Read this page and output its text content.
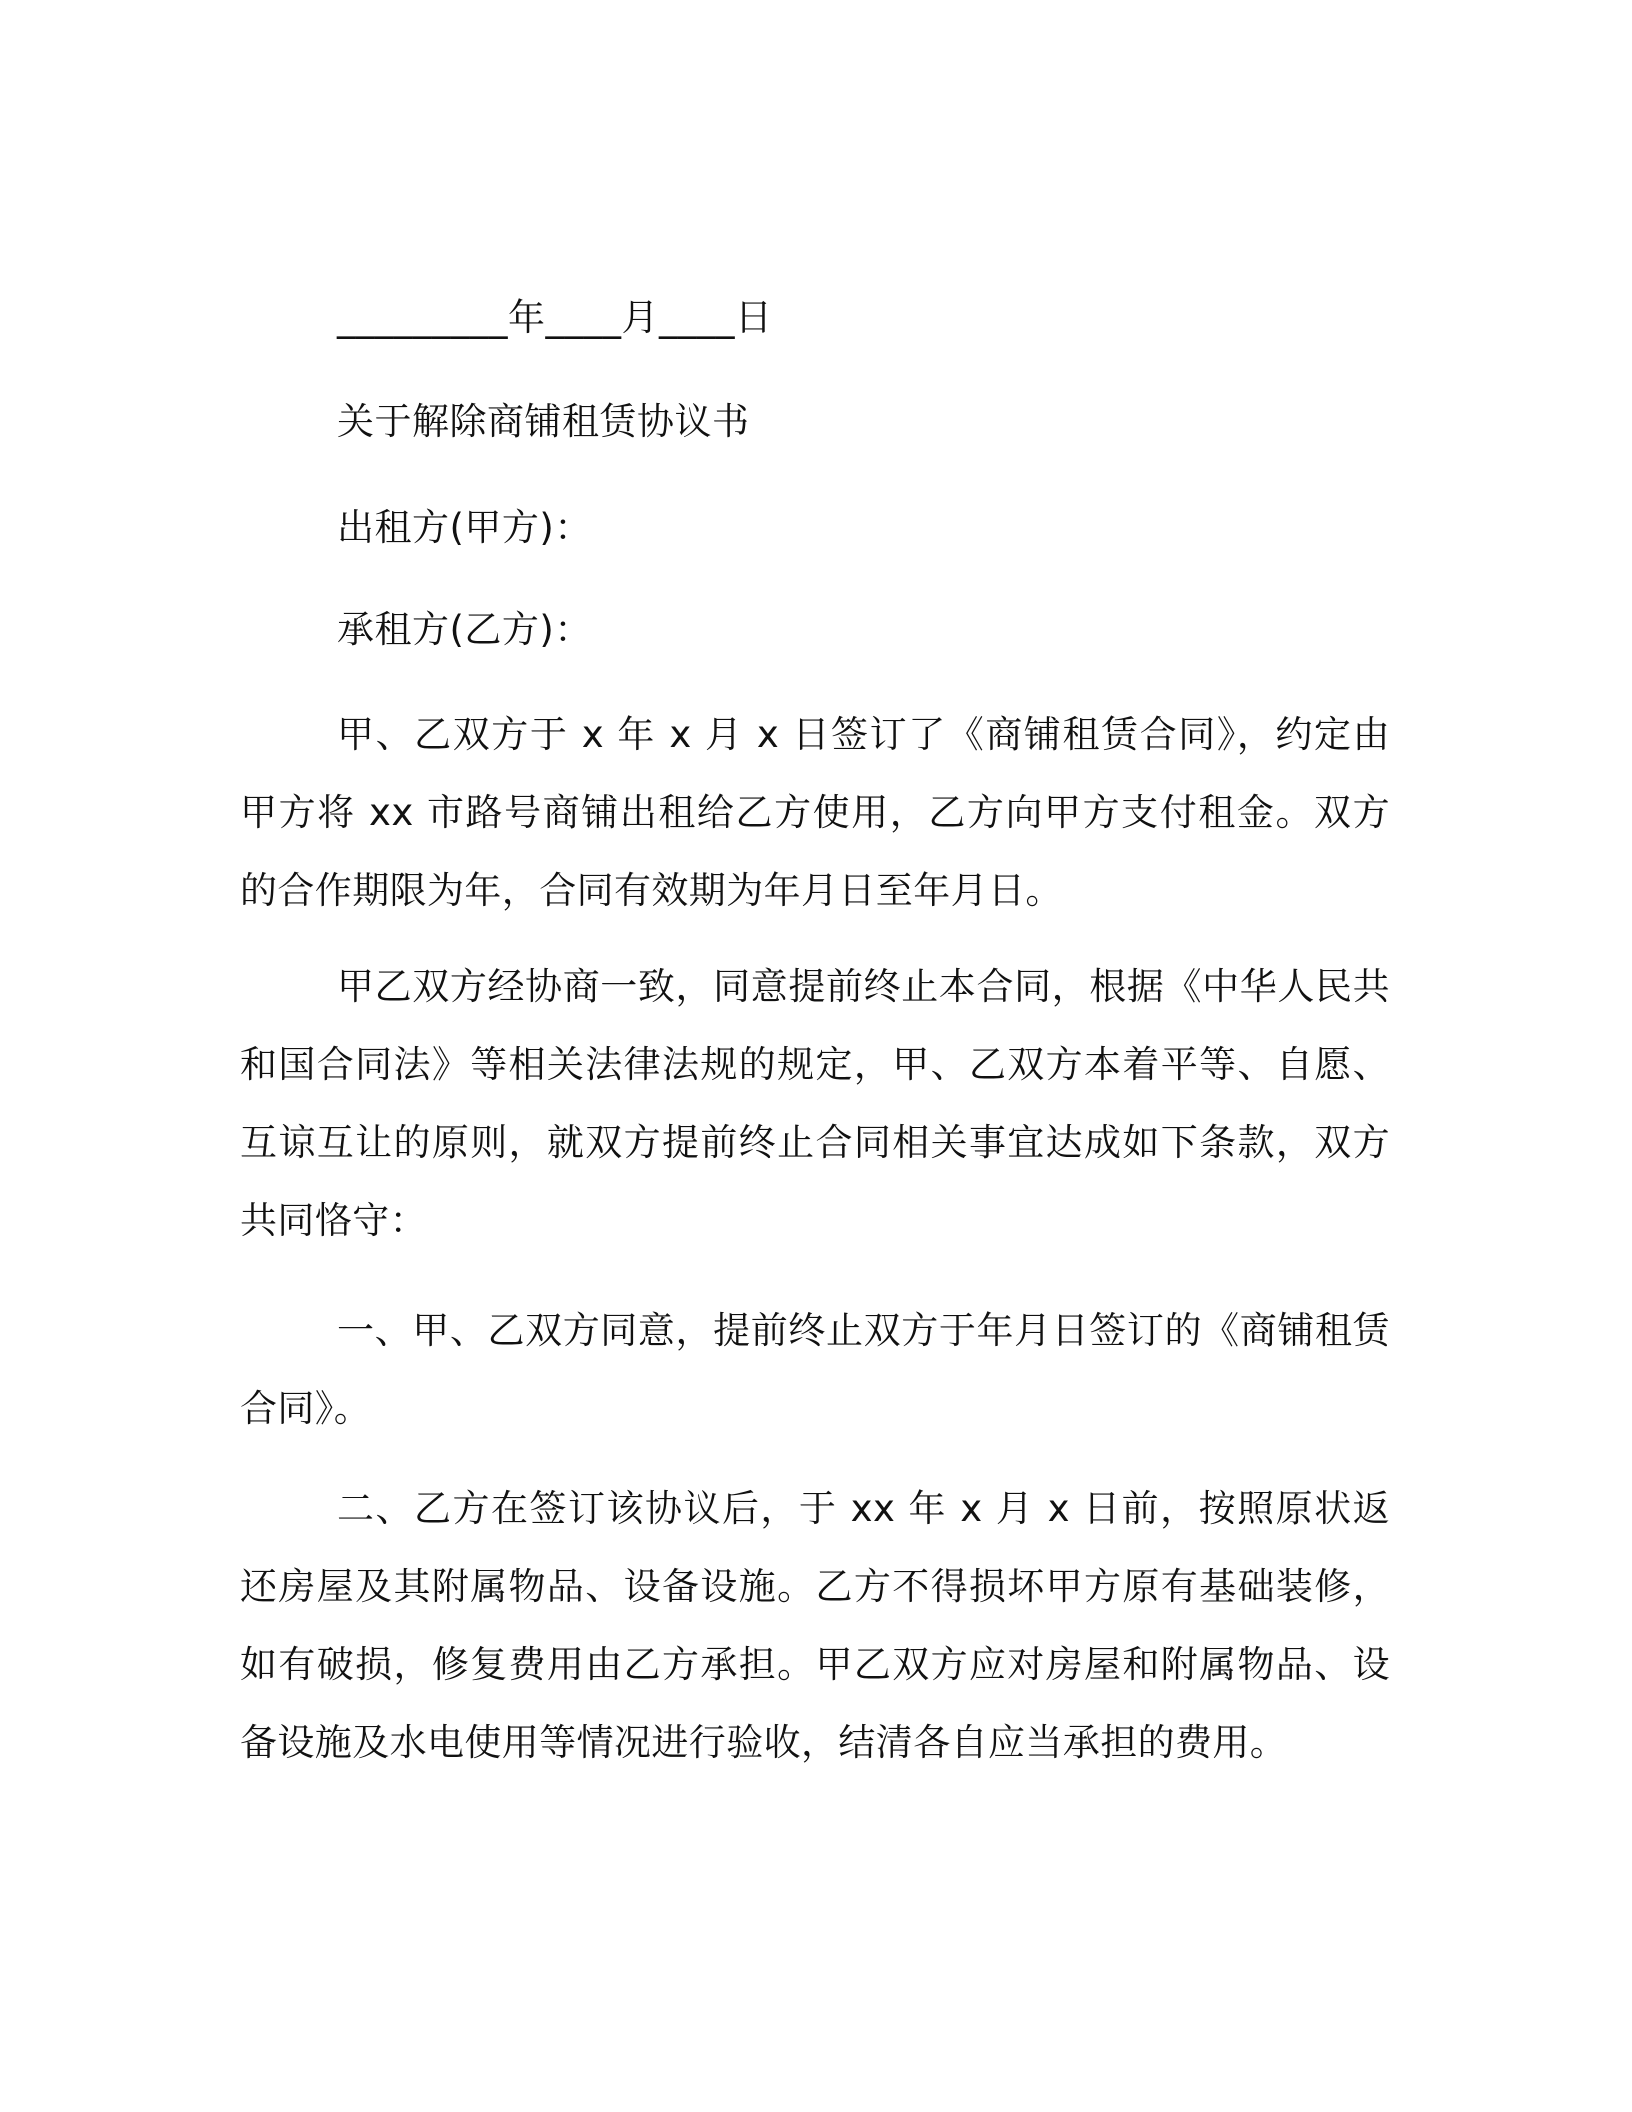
_________年____月____日
关于解除商铺租赁协议书
出租方(甲方)：
承租方(乙方)：

甲、乙双方于 x 年 x 月 x 日签订了《商铺租赁合同》，约定由甲方将 xx 市路号商铺出租给乙方使用，乙方向甲方支付租金。双方的合作期限为年，合同有效期为年月日至年月日。

甲乙双方经协商一致，同意提前终止本合同，根据《中华人民共和国合同法》等相关法律法规的规定，甲、乙双方本着平等、自愿、互谅互让的原则，就双方提前终止合同相关事宜达成如下条款，双方共同恪守：

一、甲、乙双方同意，提前终止双方于年月日签订的《商铺租赁合同》。

二、乙方在签订该协议后，于 xx 年 x 月 x 日前，按照原状返还房屋及其附属物品、设备设施。乙方不得损坏甲方原有基础装修，如有破损，修复费用由乙方承担。甲乙双方应对房屋和附属物品、设备设施及水电使用等情况进行验收，结清各自应当承担的费用。
